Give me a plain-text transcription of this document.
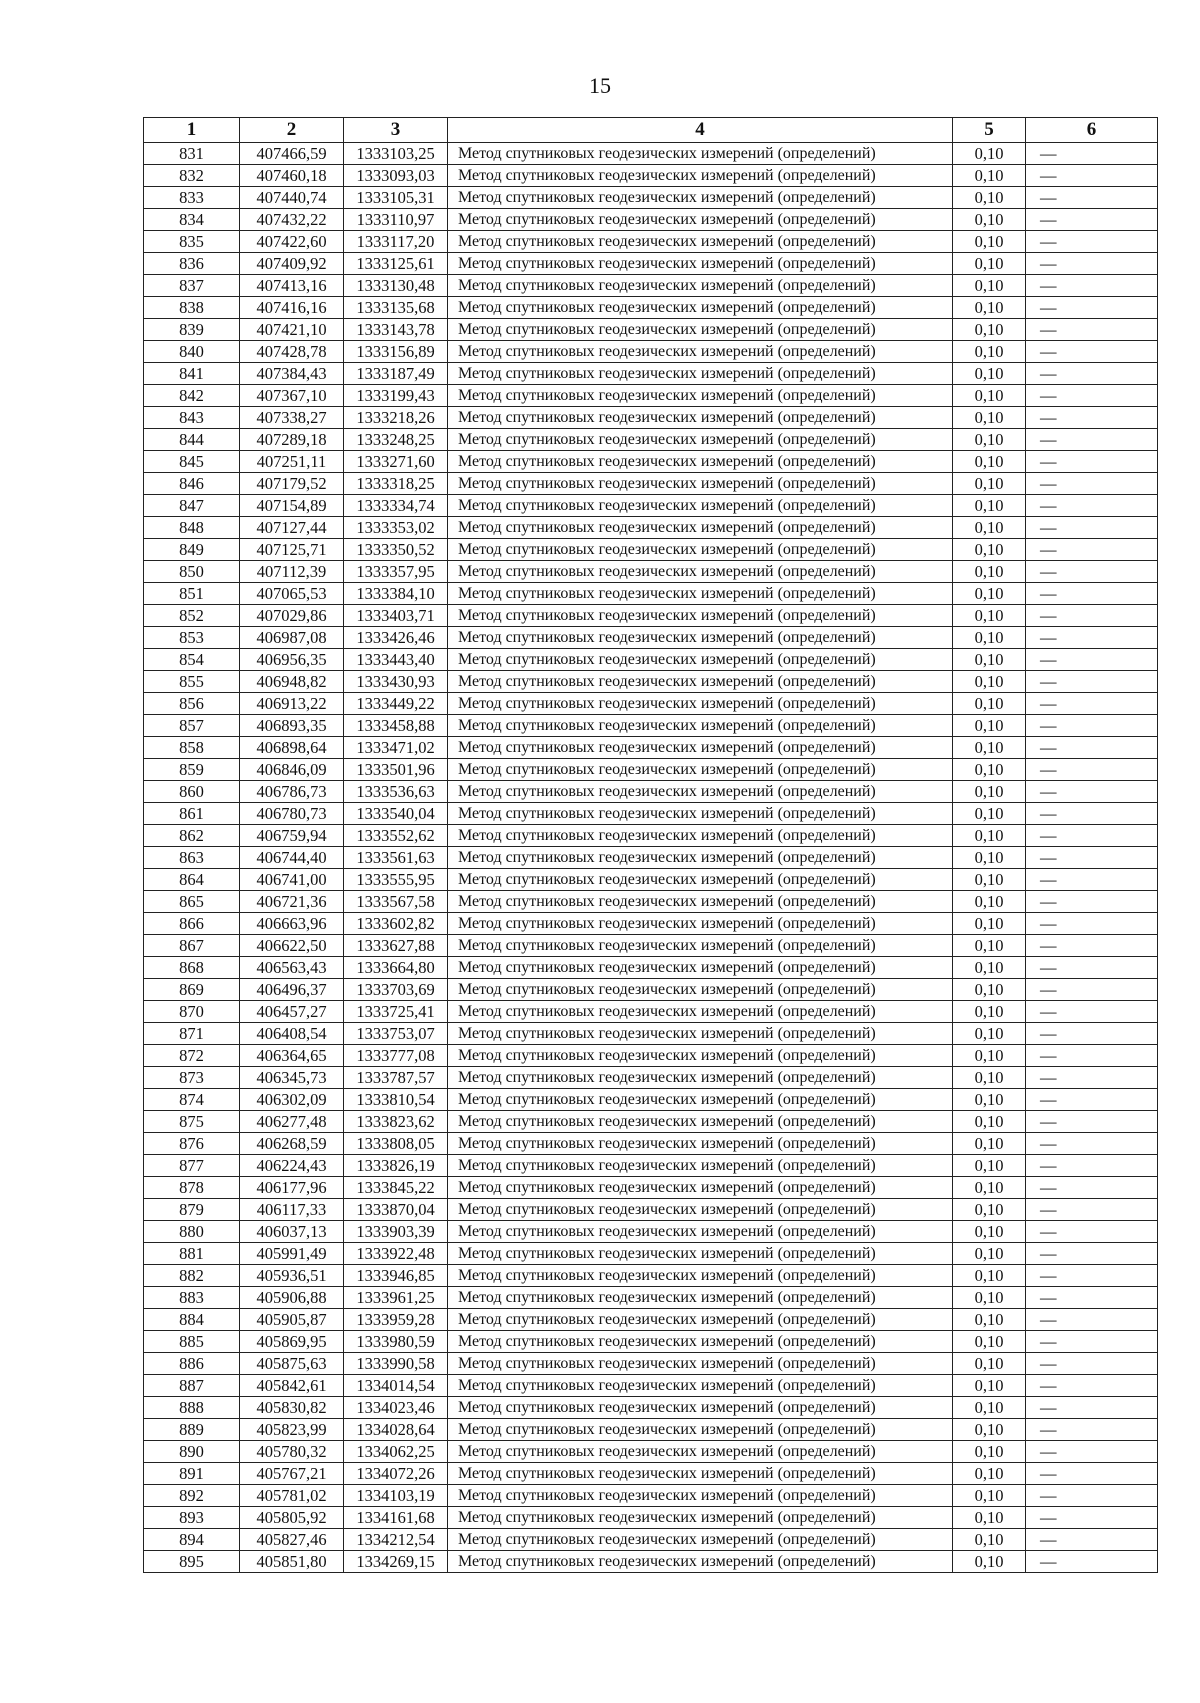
15
1	2	3	4	5	6
831	407466,59	1333103,25	Метод спутниковых геодезических измерений (определений)	0,10	—
832	407460,18	1333093,03	Метод спутниковых геодезических измерений (определений)	0,10	—
833	407440,74	1333105,31	Метод спутниковых геодезических измерений (определений)	0,10	—
834	407432,22	1333110,97	Метод спутниковых геодезических измерений (определений)	0,10	—
835	407422,60	1333117,20	Метод спутниковых геодезических измерений (определений)	0,10	—
836	407409,92	1333125,61	Метод спутниковых геодезических измерений (определений)	0,10	—
837	407413,16	1333130,48	Метод спутниковых геодезических измерений (определений)	0,10	—
838	407416,16	1333135,68	Метод спутниковых геодезических измерений (определений)	0,10	—
839	407421,10	1333143,78	Метод спутниковых геодезических измерений (определений)	0,10	—
840	407428,78	1333156,89	Метод спутниковых геодезических измерений (определений)	0,10	—
841	407384,43	1333187,49	Метод спутниковых геодезических измерений (определений)	0,10	—
842	407367,10	1333199,43	Метод спутниковых геодезических измерений (определений)	0,10	—
843	407338,27	1333218,26	Метод спутниковых геодезических измерений (определений)	0,10	—
844	407289,18	1333248,25	Метод спутниковых геодезических измерений (определений)	0,10	—
845	407251,11	1333271,60	Метод спутниковых геодезических измерений (определений)	0,10	—
846	407179,52	1333318,25	Метод спутниковых геодезических измерений (определений)	0,10	—
847	407154,89	1333334,74	Метод спутниковых геодезических измерений (определений)	0,10	—
848	407127,44	1333353,02	Метод спутниковых геодезических измерений (определений)	0,10	—
849	407125,71	1333350,52	Метод спутниковых геодезических измерений (определений)	0,10	—
850	407112,39	1333357,95	Метод спутниковых геодезических измерений (определений)	0,10	—
851	407065,53	1333384,10	Метод спутниковых геодезических измерений (определений)	0,10	—
852	407029,86	1333403,71	Метод спутниковых геодезических измерений (определений)	0,10	—
853	406987,08	1333426,46	Метод спутниковых геодезических измерений (определений)	0,10	—
854	406956,35	1333443,40	Метод спутниковых геодезических измерений (определений)	0,10	—
855	406948,82	1333430,93	Метод спутниковых геодезических измерений (определений)	0,10	—
856	406913,22	1333449,22	Метод спутниковых геодезических измерений (определений)	0,10	—
857	406893,35	1333458,88	Метод спутниковых геодезических измерений (определений)	0,10	—
858	406898,64	1333471,02	Метод спутниковых геодезических измерений (определений)	0,10	—
859	406846,09	1333501,96	Метод спутниковых геодезических измерений (определений)	0,10	—
860	406786,73	1333536,63	Метод спутниковых геодезических измерений (определений)	0,10	—
861	406780,73	1333540,04	Метод спутниковых геодезических измерений (определений)	0,10	—
862	406759,94	1333552,62	Метод спутниковых геодезических измерений (определений)	0,10	—
863	406744,40	1333561,63	Метод спутниковых геодезических измерений (определений)	0,10	—
864	406741,00	1333555,95	Метод спутниковых геодезических измерений (определений)	0,10	—
865	406721,36	1333567,58	Метод спутниковых геодезических измерений (определений)	0,10	—
866	406663,96	1333602,82	Метод спутниковых геодезических измерений (определений)	0,10	—
867	406622,50	1333627,88	Метод спутниковых геодезических измерений (определений)	0,10	—
868	406563,43	1333664,80	Метод спутниковых геодезических измерений (определений)	0,10	—
869	406496,37	1333703,69	Метод спутниковых геодезических измерений (определений)	0,10	—
870	406457,27	1333725,41	Метод спутниковых геодезических измерений (определений)	0,10	—
871	406408,54	1333753,07	Метод спутниковых геодезических измерений (определений)	0,10	—
872	406364,65	1333777,08	Метод спутниковых геодезических измерений (определений)	0,10	—
873	406345,73	1333787,57	Метод спутниковых геодезических измерений (определений)	0,10	—
874	406302,09	1333810,54	Метод спутниковых геодезических измерений (определений)	0,10	—
875	406277,48	1333823,62	Метод спутниковых геодезических измерений (определений)	0,10	—
876	406268,59	1333808,05	Метод спутниковых геодезических измерений (определений)	0,10	—
877	406224,43	1333826,19	Метод спутниковых геодезических измерений (определений)	0,10	—
878	406177,96	1333845,22	Метод спутниковых геодезических измерений (определений)	0,10	—
879	406117,33	1333870,04	Метод спутниковых геодезических измерений (определений)	0,10	—
880	406037,13	1333903,39	Метод спутниковых геодезических измерений (определений)	0,10	—
881	405991,49	1333922,48	Метод спутниковых геодезических измерений (определений)	0,10	—
882	405936,51	1333946,85	Метод спутниковых геодезических измерений (определений)	0,10	—
883	405906,88	1333961,25	Метод спутниковых геодезических измерений (определений)	0,10	—
884	405905,87	1333959,28	Метод спутниковых геодезических измерений (определений)	0,10	—
885	405869,95	1333980,59	Метод спутниковых геодезических измерений (определений)	0,10	—
886	405875,63	1333990,58	Метод спутниковых геодезических измерений (определений)	0,10	—
887	405842,61	1334014,54	Метод спутниковых геодезических измерений (определений)	0,10	—
888	405830,82	1334023,46	Метод спутниковых геодезических измерений (определений)	0,10	—
889	405823,99	1334028,64	Метод спутниковых геодезических измерений (определений)	0,10	—
890	405780,32	1334062,25	Метод спутниковых геодезических измерений (определений)	0,10	—
891	405767,21	1334072,26	Метод спутниковых геодезических измерений (определений)	0,10	—
892	405781,02	1334103,19	Метод спутниковых геодезических измерений (определений)	0,10	—
893	405805,92	1334161,68	Метод спутниковых геодезических измерений (определений)	0,10	—
894	405827,46	1334212,54	Метод спутниковых геодезических измерений (определений)	0,10	—
895	405851,80	1334269,15	Метод спутниковых геодезических измерений (определений)	0,10	—
